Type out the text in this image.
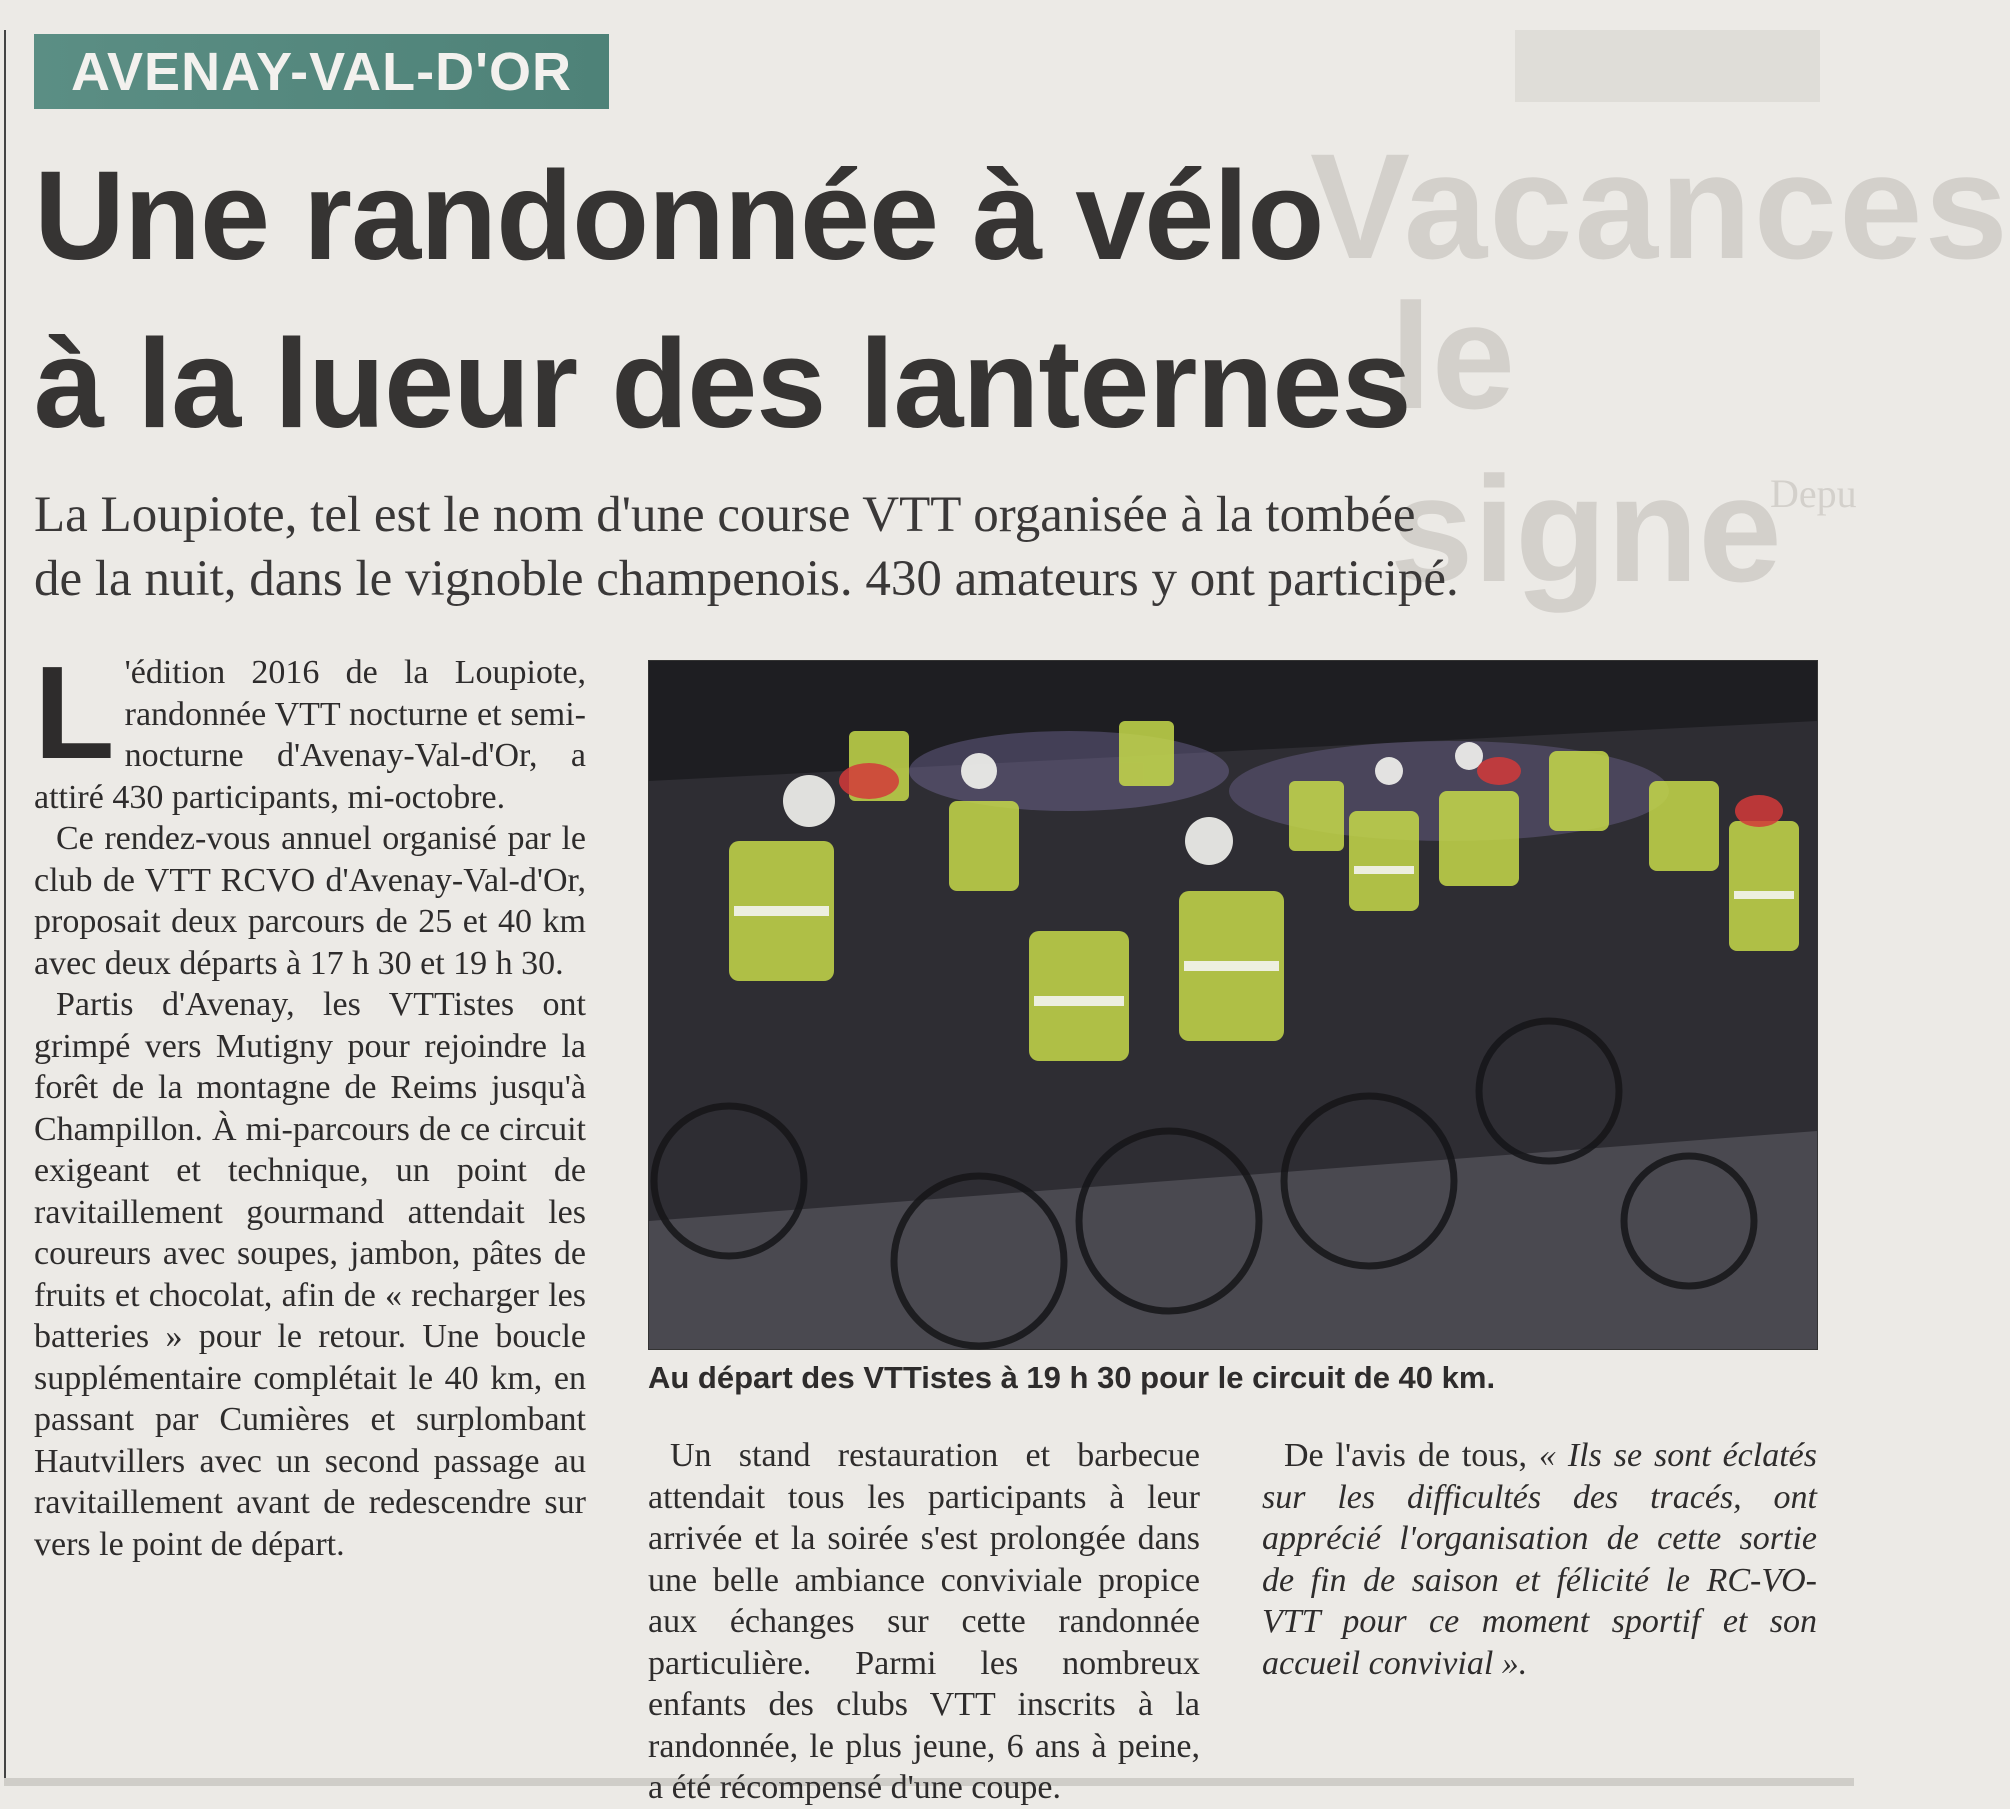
Vacances
le signe
Depu
AVENAY-VAL-D'OR
Une randonnée à vélo
à la lueur des lanternes

La Loupiote, tel est le nom d'une course VTT organisée à la tombée
de la nuit, dans le vignoble champenois. 430 amateurs y ont participé.

L 'édition 2016 de la Loupiote, randonnée VTT nocturne et semi-nocturne d'Avenay-Val-d'Or, a attiré 430 participants, mi-octobre.

Ce rendez-vous annuel organisé par le club de VTT RCVO d'Avenay-Val-d'Or, proposait deux parcours de 25 et 40 km avec deux départs à 17 h 30 et 19 h 30.

Partis d'Avenay, les VTTistes ont grimpé vers Mutigny pour rejoindre la forêt de la montagne de Reims jusqu'à Champillon. À mi-parcours de ce circuit exigeant et technique, un point de ravitaillement gourmand attendait les coureurs avec soupes, jambon, pâtes de fruits et chocolat, afin de « recharger les batteries » pour le retour. Une boucle supplémentaire complétait le 40 km, en passant par Cumières et surplombant Hautvillers avec un second passage au ravitaillement avant de redescendre sur vers le point de départ.

Au départ des VTTistes à 19 h 30 pour le circuit de 40 km.

Un stand restauration et barbecue attendait tous les participants à leur arrivée et la soirée s'est prolongée dans une belle ambiance conviviale propice aux échanges sur cette randonnée particulière. Parmi les nombreux enfants des clubs VTT inscrits à la randonnée, le plus jeune, 6 ans à peine, a été récompensé d'une coupe.

De l'avis de tous, « Ils se sont éclatés sur les difficultés des tracés, ont apprécié l'organisation de cette sortie de fin de saison et félicité le RC-VO-VTT pour ce moment sportif et son accueil convivial ».
